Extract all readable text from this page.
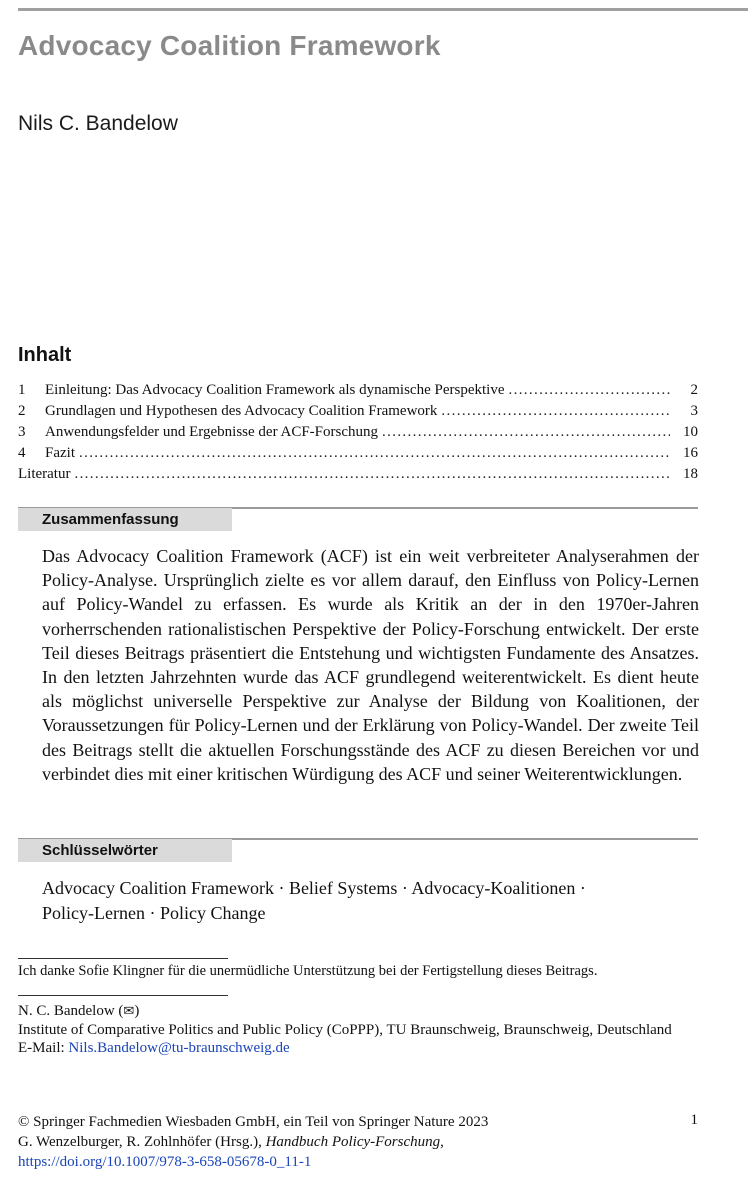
Advocacy Coalition Framework
Nils C. Bandelow
Inhalt
1	Einleitung: Das Advocacy Coalition Framework als dynamische Perspektive . . .	2
2	Grundlagen und Hypothesen des Advocacy Coalition Framework . . .	3
3	Anwendungsfelder und Ergebnisse der ACF-Forschung . . .	10
4	Fazit . . .	16
Literatur . . .	18
Zusammenfassung
Das Advocacy Coalition Framework (ACF) ist ein weit verbreiteter Analyserahmen der Policy-Analyse. Ursprünglich zielte es vor allem darauf, den Einfluss von Policy-Lernen auf Policy-Wandel zu erfassen. Es wurde als Kritik an der in den 1970er-Jahren vorherrschenden rationalistischen Perspektive der Policy-Forschung entwickelt. Der erste Teil dieses Beitrags präsentiert die Entstehung und wichtigsten Fundamente des Ansatzes. In den letzten Jahrzehnten wurde das ACF grundlegend weiterentwickelt. Es dient heute als möglichst universelle Perspektive zur Analyse der Bildung von Koalitionen, der Voraussetzungen für Policy-Lernen und der Erklärung von Policy-Wandel. Der zweite Teil des Beitrags stellt die aktuellen Forschungsstände des ACF zu diesen Bereichen vor und verbindet dies mit einer kritischen Würdigung des ACF und seiner Weiterentwicklungen.
Schlüsselwörter
Advocacy Coalition Framework · Belief Systems · Advocacy-Koalitionen ·
Policy-Lernen · Policy Change
Ich danke Sofie Klingner für die unermüdliche Unterstützung bei der Fertigstellung dieses Beitrags.
N. C. Bandelow (✉)
Institute of Comparative Politics and Public Policy (CoPPP), TU Braunschweig, Braunschweig, Deutschland
E-Mail: Nils.Bandelow@tu-braunschweig.de
© Springer Fachmedien Wiesbaden GmbH, ein Teil von Springer Nature 2023
G. Wenzelburger, R. Zohlnhöfer (Hrsg.), Handbuch Policy-Forschung,
https://doi.org/10.1007/978-3-658-05678-0_11-1
1
